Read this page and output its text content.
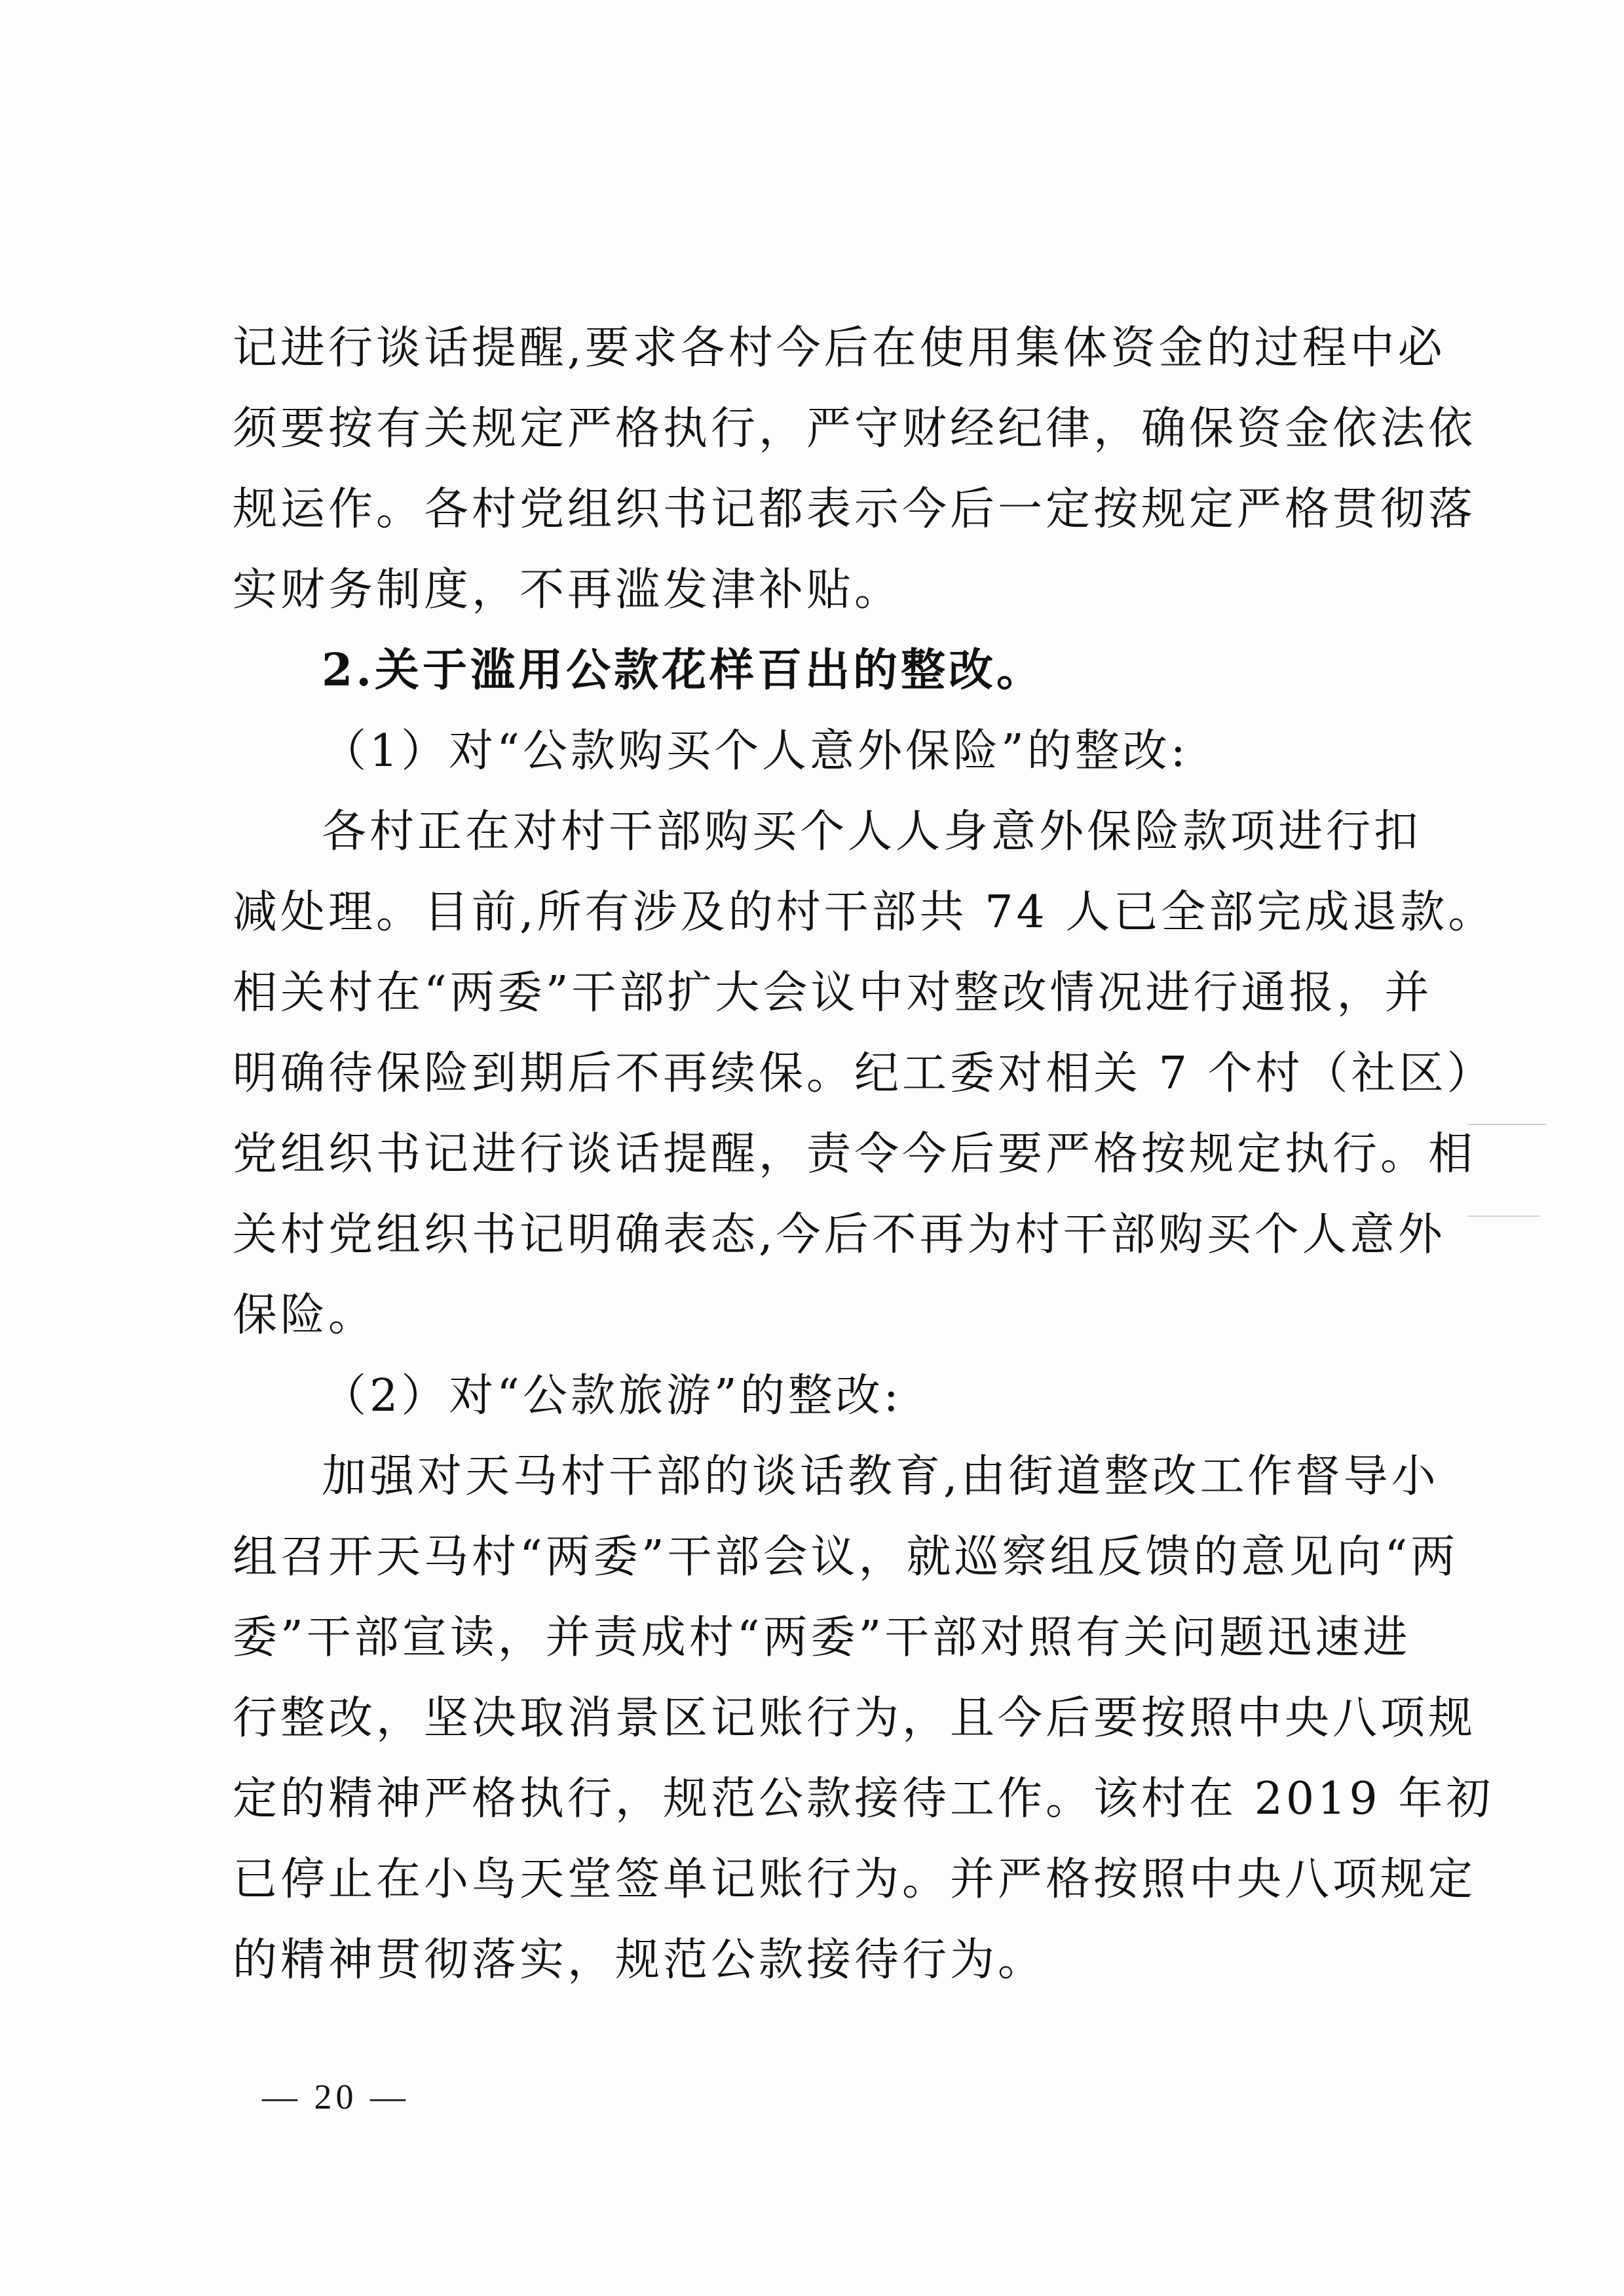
记进行谈话提醒,要求各村今后在使用集体资金的过程中必
须要按有关规定严格执行，严守财经纪律，确保资金依法依
规运作。各村党组织书记都表示今后一定按规定严格贯彻落
实财务制度，不再滥发津补贴。
2.关于滥用公款花样百出的整改。
（1）对“公款购买个人意外保险”的整改:
各村正在对村干部购买个人人身意外保险款项进行扣
减处理。目前,所有涉及的村干部共 74 人已全部完成退款。
相关村在“两委”干部扩大会议中对整改情况进行通报，并
明确待保险到期后不再续保。纪工委对相关 7 个村（社区）
党组织书记进行谈话提醒，责令今后要严格按规定执行。相
关村党组织书记明确表态,今后不再为村干部购买个人意外
保险。
（2）对“公款旅游”的整改:
加强对天马村干部的谈话教育,由街道整改工作督导小
组召开天马村“两委”干部会议，就巡察组反馈的意见向“两
委”干部宣读，并责成村“两委”干部对照有关问题迅速进
行整改，坚决取消景区记账行为，且今后要按照中央八项规
定的精神严格执行，规范公款接待工作。该村在 2019 年初
已停止在小鸟天堂签单记账行为。并严格按照中央八项规定
的精神贯彻落实，规范公款接待行为。
— 20 —
